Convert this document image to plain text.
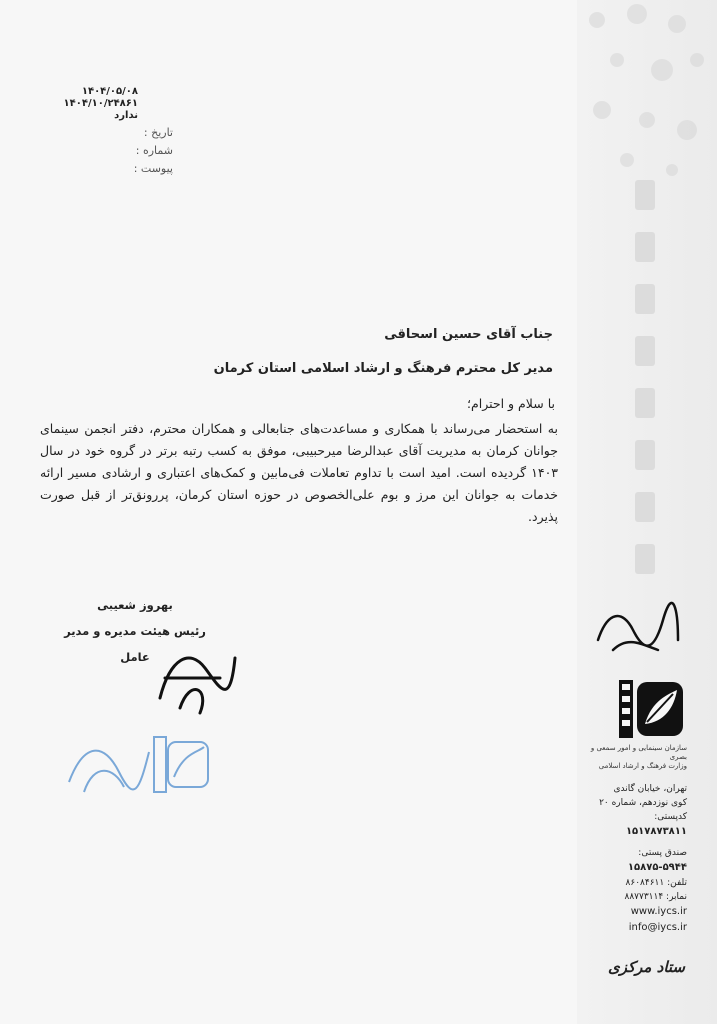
۱۴۰۴/۰۵/۰۸
۱۴۰۴/۱۰/۲۴۸۶۱
ندارد
تاریخ :
شماره :
پیوست :
جناب آقای حسین اسحاقی
مدیر کل محترم فرهنگ و ارشاد اسلامی استان کرمان
با سلام و احترام؛
به استحضار می‌رساند با همکاری و مساعدت‌های جنابعالی و همکاران محترم، دفتر انجمن سینمای جوانان کرمان به مدیریت آقای عبدالرضا میرحبیبی، موفق به کسب رتبه برتر در گروه خود در سال ۱۴۰۳ گردیده است. امید است با تداوم تعاملات فی‌مابین و کمک‌های اعتباری و ارشادی مسیر ارائه خدمات به جوانان این مرز و بوم علی‌الخصوص در حوزه استان کرمان، پررونق‌تر از قبل صورت پذیرد.
بهروز شعیبی
رئیس هیئت مدیره و مدیر عامل
سازمان سینمایی و امور سمعی و بصری
وزارت فرهنگ و ارشاد اسلامی
تهران، خیابان گاندی
کوی نوزدهم، شماره ۲۰
کدپستی:
۱۵۱۷۸۷۳۸۱۱
صندق پستی:
۱۵۸۷۵-۵۹۴۴
تلفن: ۸۶۰۸۴۶۱۱
نمابر: ۸۸۷۷۳۱۱۴
www.iycs.ir
info@iycs.ir
ستاد مرکزی
